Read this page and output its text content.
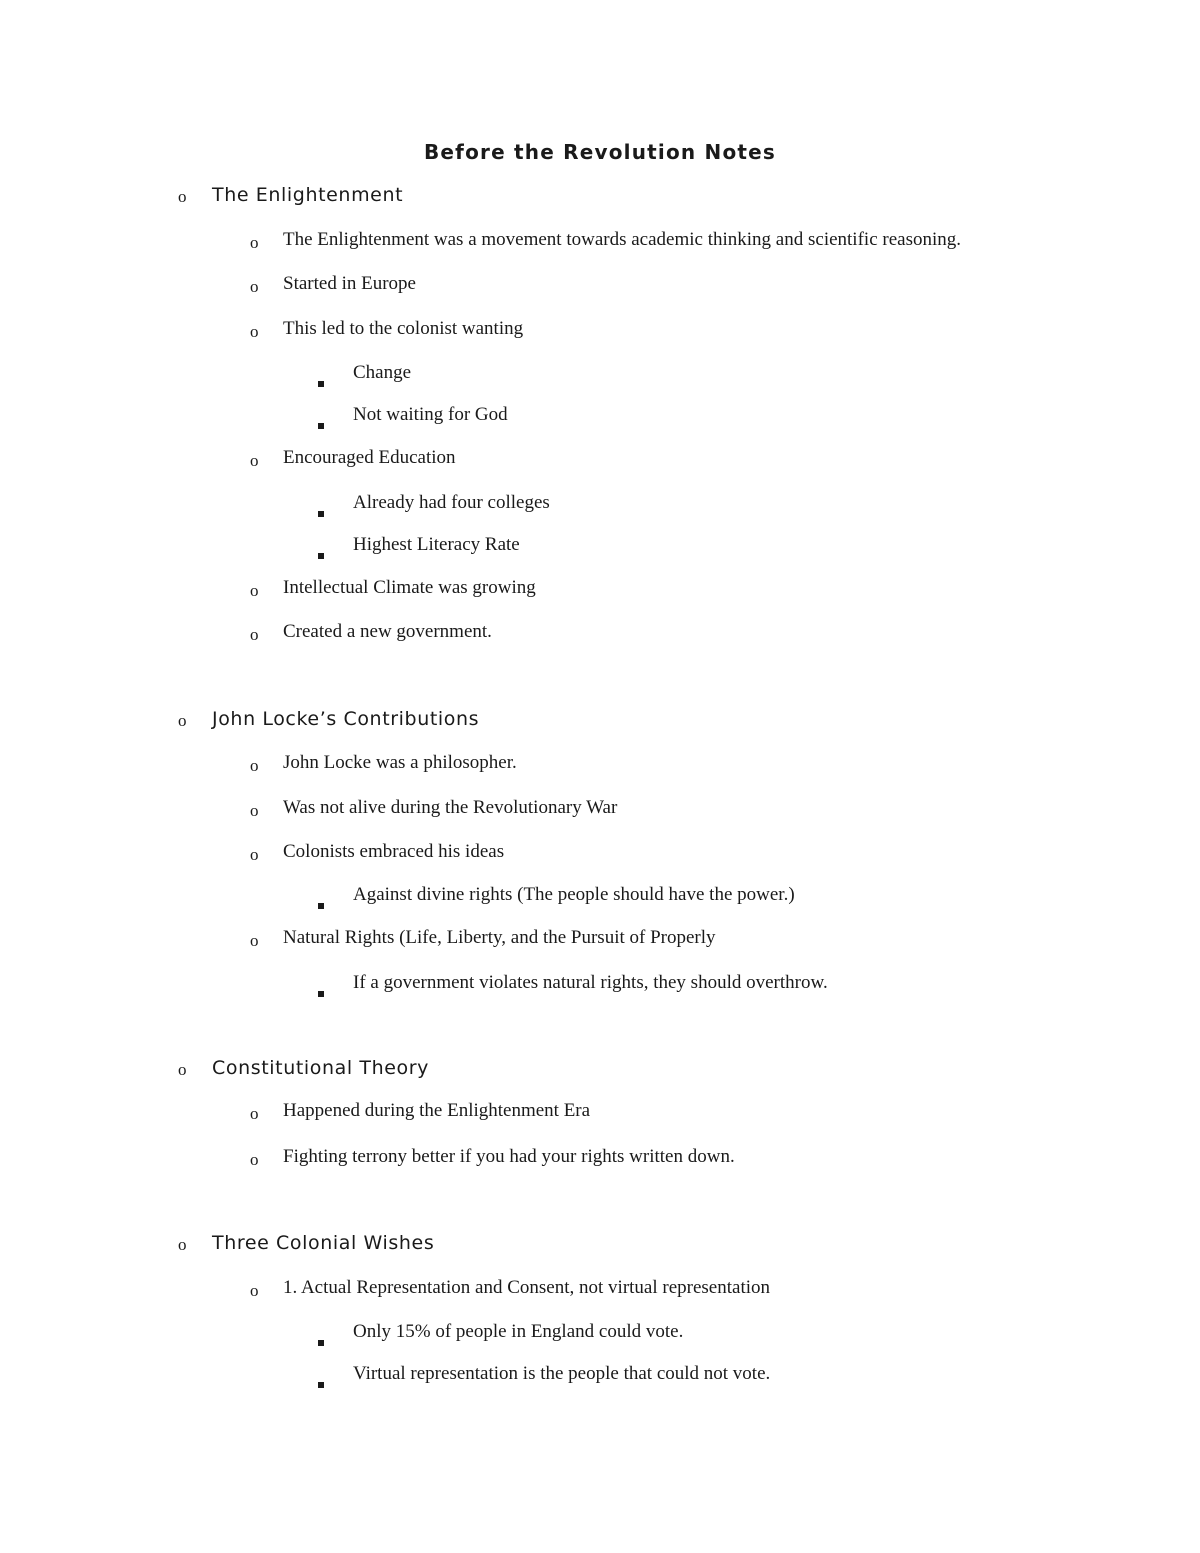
Before the Revolution Notes
o The Enlightenment
o The Enlightenment was a movement towards academic thinking and scientific reasoning.
o Started in Europe
o This led to the colonist wanting
Change
Not waiting for God
o Encouraged Education
Already had four colleges
Highest Literacy Rate
o Intellectual Climate was growing
o Created a new government.
o John Locke’s Contributions
o John Locke was a philosopher.
o Was not alive during the Revolutionary War
o Colonists embraced his ideas
Against divine rights (The people should have the power.)
o Natural Rights (Life, Liberty, and the Pursuit of Properly
If a government violates natural rights, they should overthrow.
o Constitutional Theory
o Happened during the Enlightenment Era
o Fighting terrony better if you had your rights written down.
o Three Colonial Wishes
o 1. Actual Representation and Consent, not virtual representation
Only 15% of people in England could vote.
Virtual representation is the people that could not vote.
